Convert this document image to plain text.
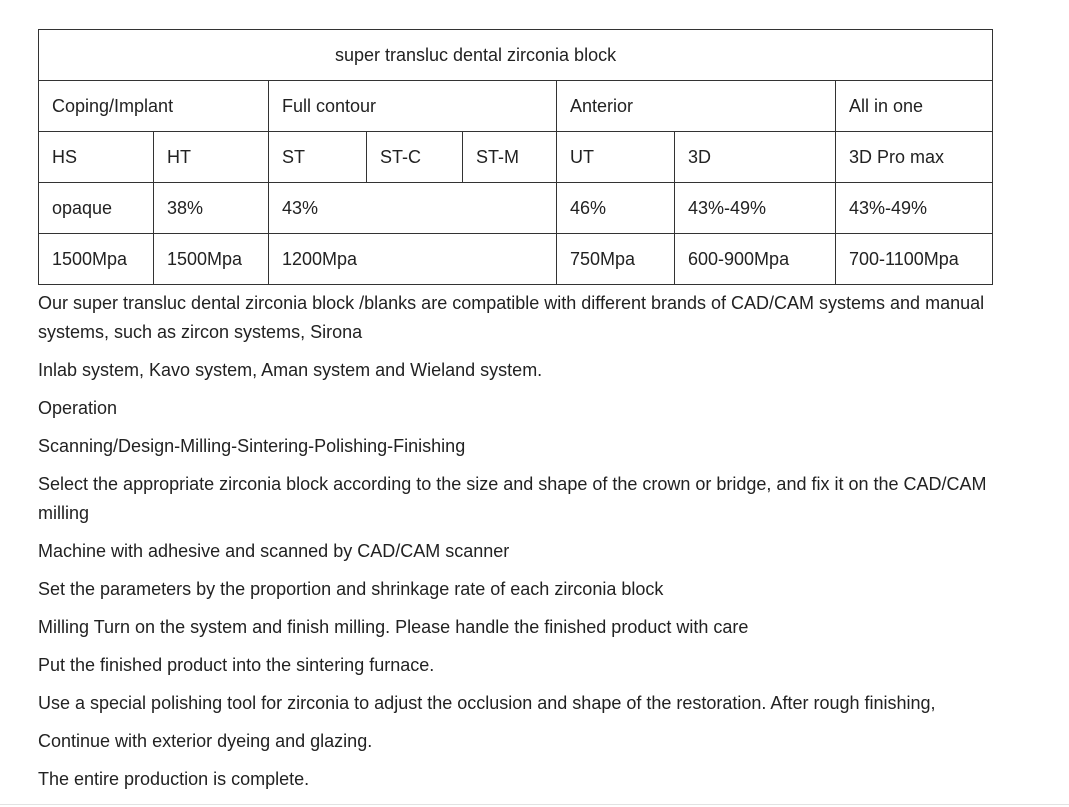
super transluc dental zirconia block							
Coping/Implant		Full contour			Anterior		All in one
HS	HT	ST	ST-C	ST-M	UT	3D	3D Pro max
opaque	38%	43%			46%	43%-49%	43%-49%
1500Mpa	1500Mpa	1200Mpa			750Mpa	600-900Mpa	700-1100Mpa

Our super transluc dental zirconia block /blanks are compatible with different brands of CAD/CAM systems and manual systems, such as zircon systems, Sirona

Inlab system, Kavo system, Aman system and Wieland system.

Operation

Scanning/Design-Milling-Sintering-Polishing-Finishing

Select the appropriate zirconia block according to the size and shape of the crown or bridge, and fix it on the CAD/CAM milling

Machine with adhesive and scanned by CAD/CAM scanner

Set the parameters by the proportion and shrinkage rate of each zirconia block

Milling Turn on the system and finish milling. Please handle the finished product with care

Put the finished product into the sintering furnace.

Use a special polishing tool for zirconia to adjust the occlusion and shape of the restoration. After rough finishing,

Continue with exterior dyeing and glazing.

The entire production is complete.
